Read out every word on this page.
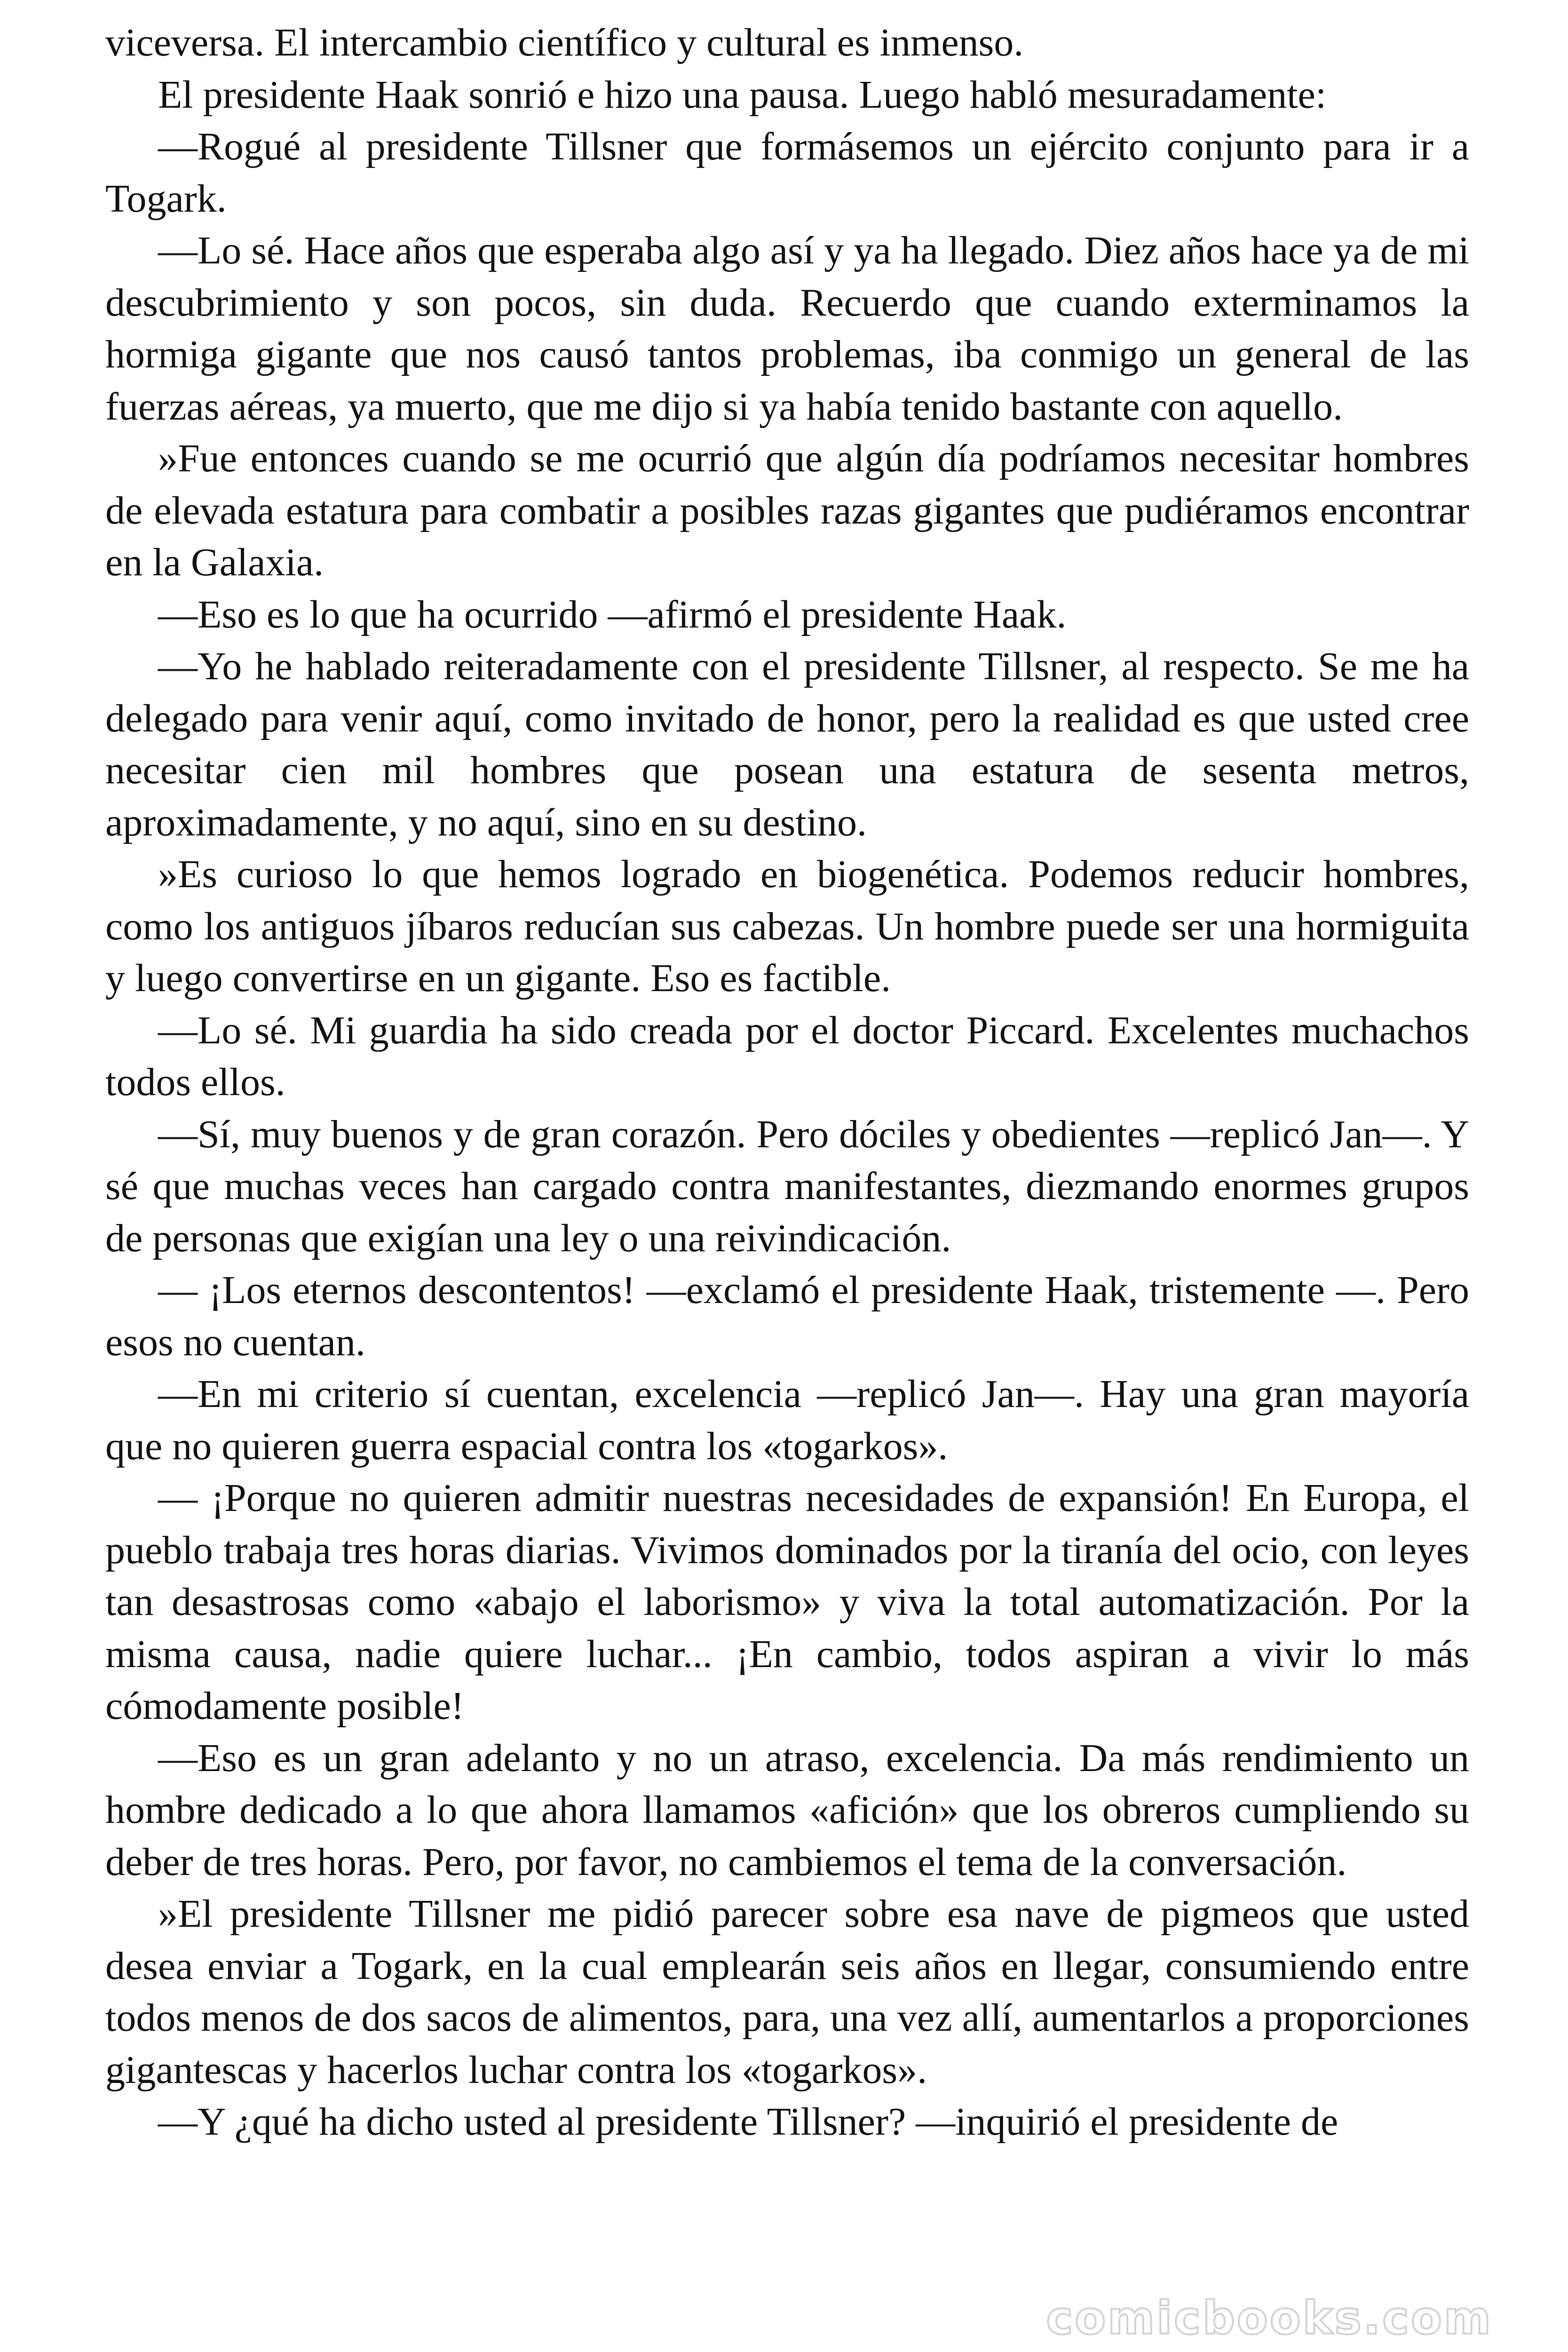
viceversa. El intercambio científico y cultural es inmenso.

El presidente Haak sonrió e hizo una pausa. Luego habló mesuradamente:

—Rogué al presidente Tillsner que formásemos un ejército conjunto para ir a Togark.

—Lo sé. Hace años que esperaba algo así y ya ha llegado. Diez años hace ya de mi descubrimiento y son pocos, sin duda. Recuerdo que cuando exterminamos la hormiga gigante que nos causó tantos problemas, iba conmigo un general de las fuerzas aéreas, ya muerto, que me dijo si ya había tenido bastante con aquello.

»Fue entonces cuando se me ocurrió que algún día podríamos necesitar hombres de elevada estatura para combatir a posibles razas gigantes que pudiéramos encontrar en la Galaxia.

—Eso es lo que ha ocurrido —afirmó el presidente Haak.

—Yo he hablado reiteradamente con el presidente Tillsner, al respecto. Se me ha delegado para venir aquí, como invitado de honor, pero la realidad es que usted cree necesitar cien mil hombres que posean una estatura de sesenta metros, aproximadamente, y no aquí, sino en su destino.

»Es curioso lo que hemos logrado en biogenética. Podemos reducir hombres, como los antiguos jíbaros reducían sus cabezas. Un hombre puede ser una hormiguita y luego convertirse en un gigante. Eso es factible.

—Lo sé. Mi guardia ha sido creada por el doctor Piccard. Excelentes muchachos todos ellos.

—Sí, muy buenos y de gran corazón. Pero dóciles y obedientes —replicó Jan—. Y sé que muchas veces han cargado contra manifestantes, diezmando enormes grupos de personas que exigían una ley o una reivindicación.

— ¡Los eternos descontentos! —exclamó el presidente Haak, tristemente —. Pero esos no cuentan.

—En mi criterio sí cuentan, excelencia —replicó Jan—. Hay una gran mayoría que no quieren guerra espacial contra los «togarkos».

— ¡Porque no quieren admitir nuestras necesidades de expansión! En Europa, el pueblo trabaja tres horas diarias. Vivimos dominados por la tiranía del ocio, con leyes tan desastrosas como «abajo el laborismo» y viva la total automatización. Por la misma causa, nadie quiere luchar... ¡En cambio, todos aspiran a vivir lo más cómodamente posible!

—Eso es un gran adelanto y no un atraso, excelencia. Da más rendimiento un hombre dedicado a lo que ahora llamamos «afición» que los obreros cumpliendo su deber de tres horas. Pero, por favor, no cambiemos el tema de la conversación.

»El presidente Tillsner me pidió parecer sobre esa nave de pigmeos que usted desea enviar a Togark, en la cual emplearán seis años en llegar, consumiendo entre todos menos de dos sacos de alimentos, para, una vez allí, aumentarlos a proporciones gigantescas y hacerlos luchar contra los «togarkos».

—Y ¿qué ha dicho usted al presidente Tillsner? —inquirió el presidente de

comicbooks.com
